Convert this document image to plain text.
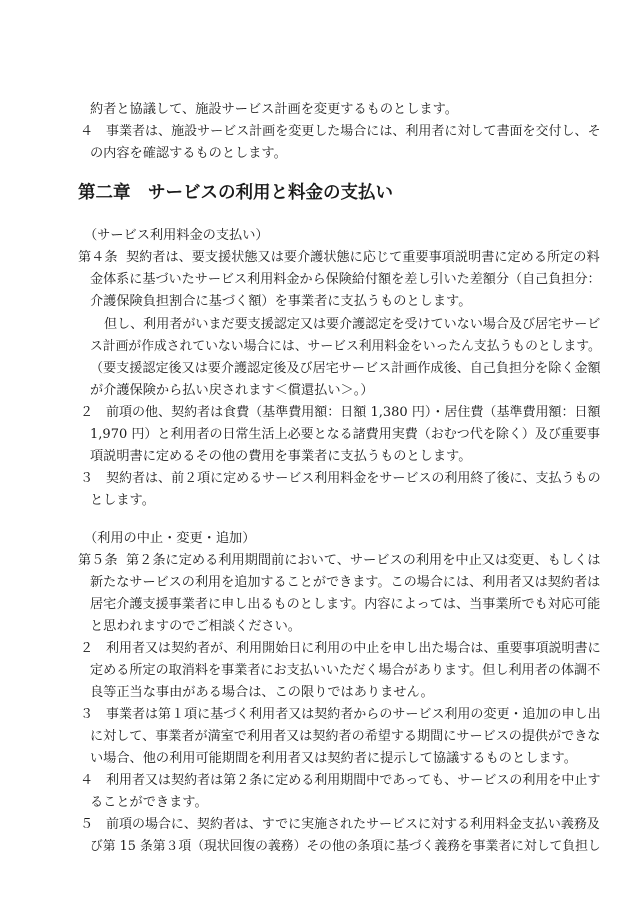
約者と協議して、施設サービス計画を変更するものとします。

４ 事業者は、施設サービス計画を変更した場合には、利用者に対して書面を交付し、そ

の内容を確認するものとします。

第二章　サービスの利用と料金の支払い

（サービス利用料金の支払い）

第４条 契約者は、要支援状態又は要介護状態に応じて重要事項説明書に定める所定の料

金体系に基づいたサービス利用料金から保険給付額を差し引いた差額分（自己負担分：

介護保険負担割合に基づく額）を事業者に支払うものとします。

但し、利用者がいまだ要支援認定又は要介護認定を受けていない場合及び居宅サービ

ス計画が作成されていない場合には、サービス利用料金をいったん支払うものとします。

（要支援認定後又は要介護認定後及び居宅サービス計画作成後、自己負担分を除く金額

が介護保険から払い戻されます＜償還払い＞。）

２ 前項の他、契約者は食費（基準費用額：日額 1,380 円）・居住費（基準費用額：日額

1,970 円）と利用者の日常生活上必要となる諸費用実費（おむつ代を除く）及び重要事

項説明書に定めるその他の費用を事業者に支払うものとします。

３ 契約者は、前２項に定めるサービス利用料金をサービスの利用終了後に、支払うもの

とします。

（利用の中止・変更・追加）

第５条 第２条に定める利用期間前において、サービスの利用を中止又は変更、もしくは

新たなサービスの利用を追加することができます。この場合には、利用者又は契約者は

居宅介護支援事業者に申し出るものとします。内容によっては、当事業所でも対応可能

と思われますのでご相談ください。

２ 利用者又は契約者が、利用開始日に利用の中止を申し出た場合は、重要事項説明書に

定める所定の取消料を事業者にお支払いいただく場合があります。但し利用者の体調不

良等正当な事由がある場合は、この限りではありません。

３ 事業者は第１項に基づく利用者又は契約者からのサービス利用の変更・追加の申し出

に対して、事業者が満室で利用者又は契約者の希望する期間にサービスの提供ができな

い場合、他の利用可能期間を利用者又は契約者に提示して協議するものとします。

４ 利用者又は契約者は第２条に定める利用期間中であっても、サービスの利用を中止す

ることができます。

５ 前項の場合に、契約者は、すでに実施されたサービスに対する利用料金支払い義務及

び第 15 条第３項（現状回復の義務）その他の条項に基づく義務を事業者に対して負担し
